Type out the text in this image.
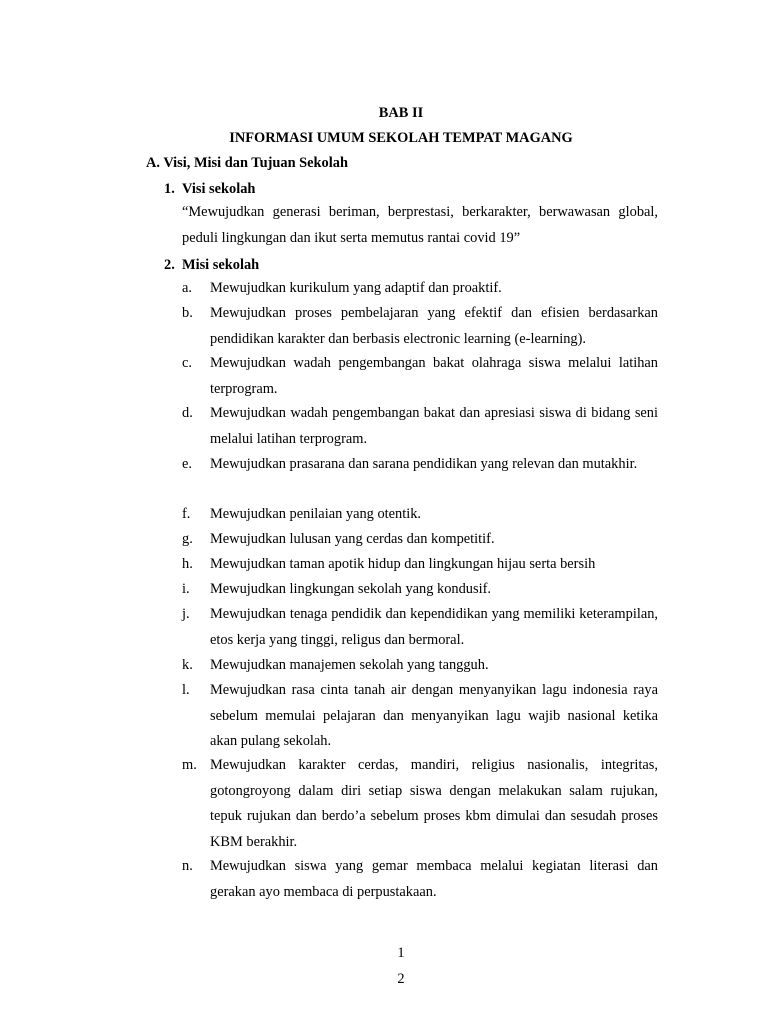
BAB II
INFORMASI UMUM SEKOLAH TEMPAT MAGANG
A. Visi, Misi dan Tujuan Sekolah
1. Visi sekolah
“Mewujudkan generasi beriman, berprestasi, berkarakter, berwawasan global, peduli lingkungan dan ikut serta memutus rantai covid 19”
2. Misi sekolah
a. Mewujudkan kurikulum yang adaptif dan proaktif.
b. Mewujudkan proses pembelajaran yang efektif dan efisien berdasarkan pendidikan karakter dan berbasis electronic learning (e-learning).
c. Mewujudkan wadah pengembangan bakat olahraga siswa melalui latihan terprogram.
d. Mewujudkan wadah pengembangan bakat dan apresiasi siswa di bidang seni melalui latihan terprogram.
e. Mewujudkan prasarana dan sarana pendidikan yang relevan dan mutakhir.
f. Mewujudkan penilaian yang otentik.
g. Mewujudkan lulusan yang cerdas dan kompetitif.
h. Mewujudkan taman apotik hidup dan lingkungan hijau serta bersih
i. Mewujudkan lingkungan sekolah yang kondusif.
j. Mewujudkan tenaga pendidik dan kependidikan yang memiliki keterampilan, etos kerja yang tinggi, religus dan bermoral.
k. Mewujudkan manajemen sekolah yang tangguh.
l. Mewujudkan rasa cinta tanah air dengan menyanyikan lagu indonesia raya sebelum memulai pelajaran dan menyanyikan lagu wajib nasional ketika akan pulang sekolah.
m. Mewujudkan karakter cerdas, mandiri, religius nasionalis, integritas, gotongroyong dalam diri setiap siswa dengan melakukan salam rujukan, tepuk rujukan dan berdo’a sebelum proses kbm dimulai dan sesudah proses KBM berakhir.
n. Mewujudkan siswa yang gemar membaca melalui kegiatan literasi dan gerakan ayo membaca di perpustakaan.
1
2
